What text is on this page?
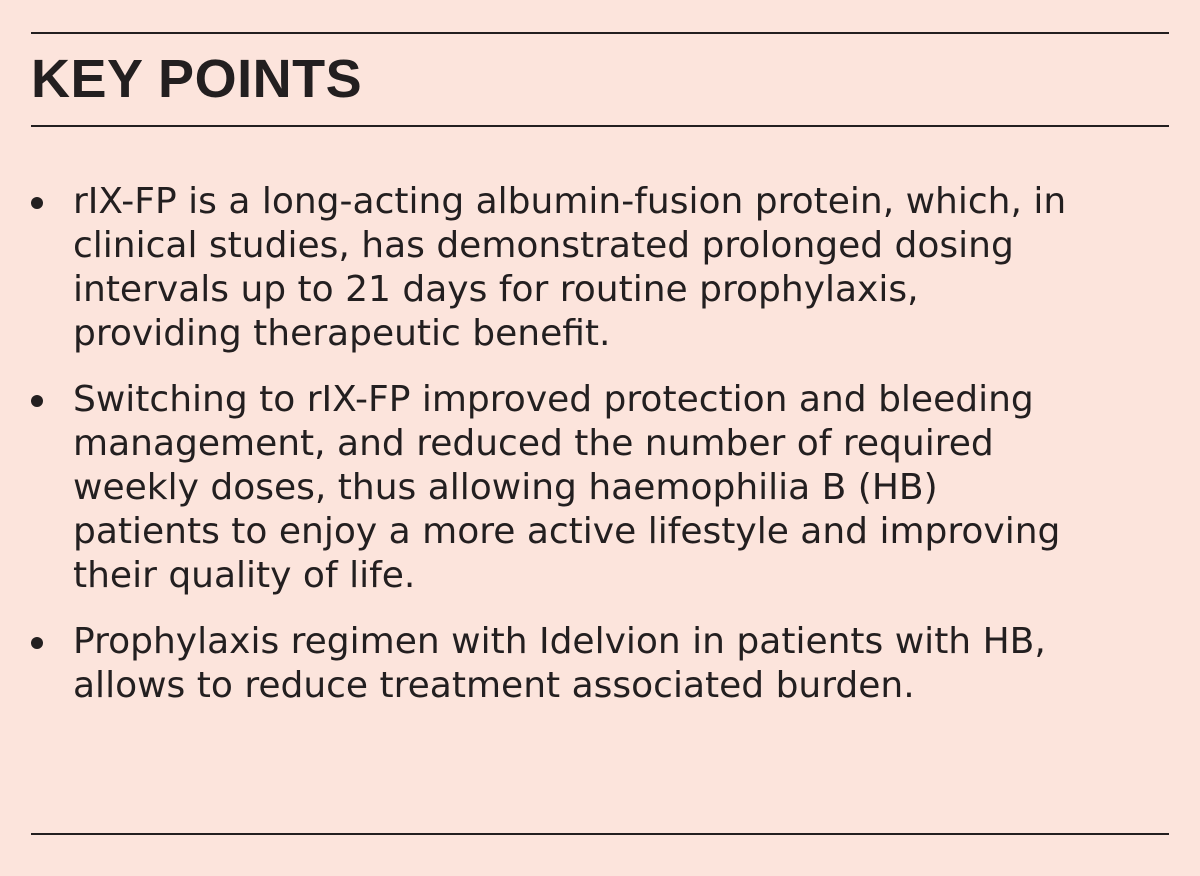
KEY POINTS
rIX-FP is a long-acting albumin-fusion protein, which, in
clinical studies, has demonstrated prolonged dosing
intervals up to 21 days for routine prophylaxis,
providing therapeutic benefit.
Switching to rIX-FP improved protection and bleeding
management, and reduced the number of required
weekly doses, thus allowing haemophilia B (HB)
patients to enjoy a more active lifestyle and improving
their quality of life.
Prophylaxis regimen with Idelvion in patients with HB,
allows to reduce treatment associated burden.
